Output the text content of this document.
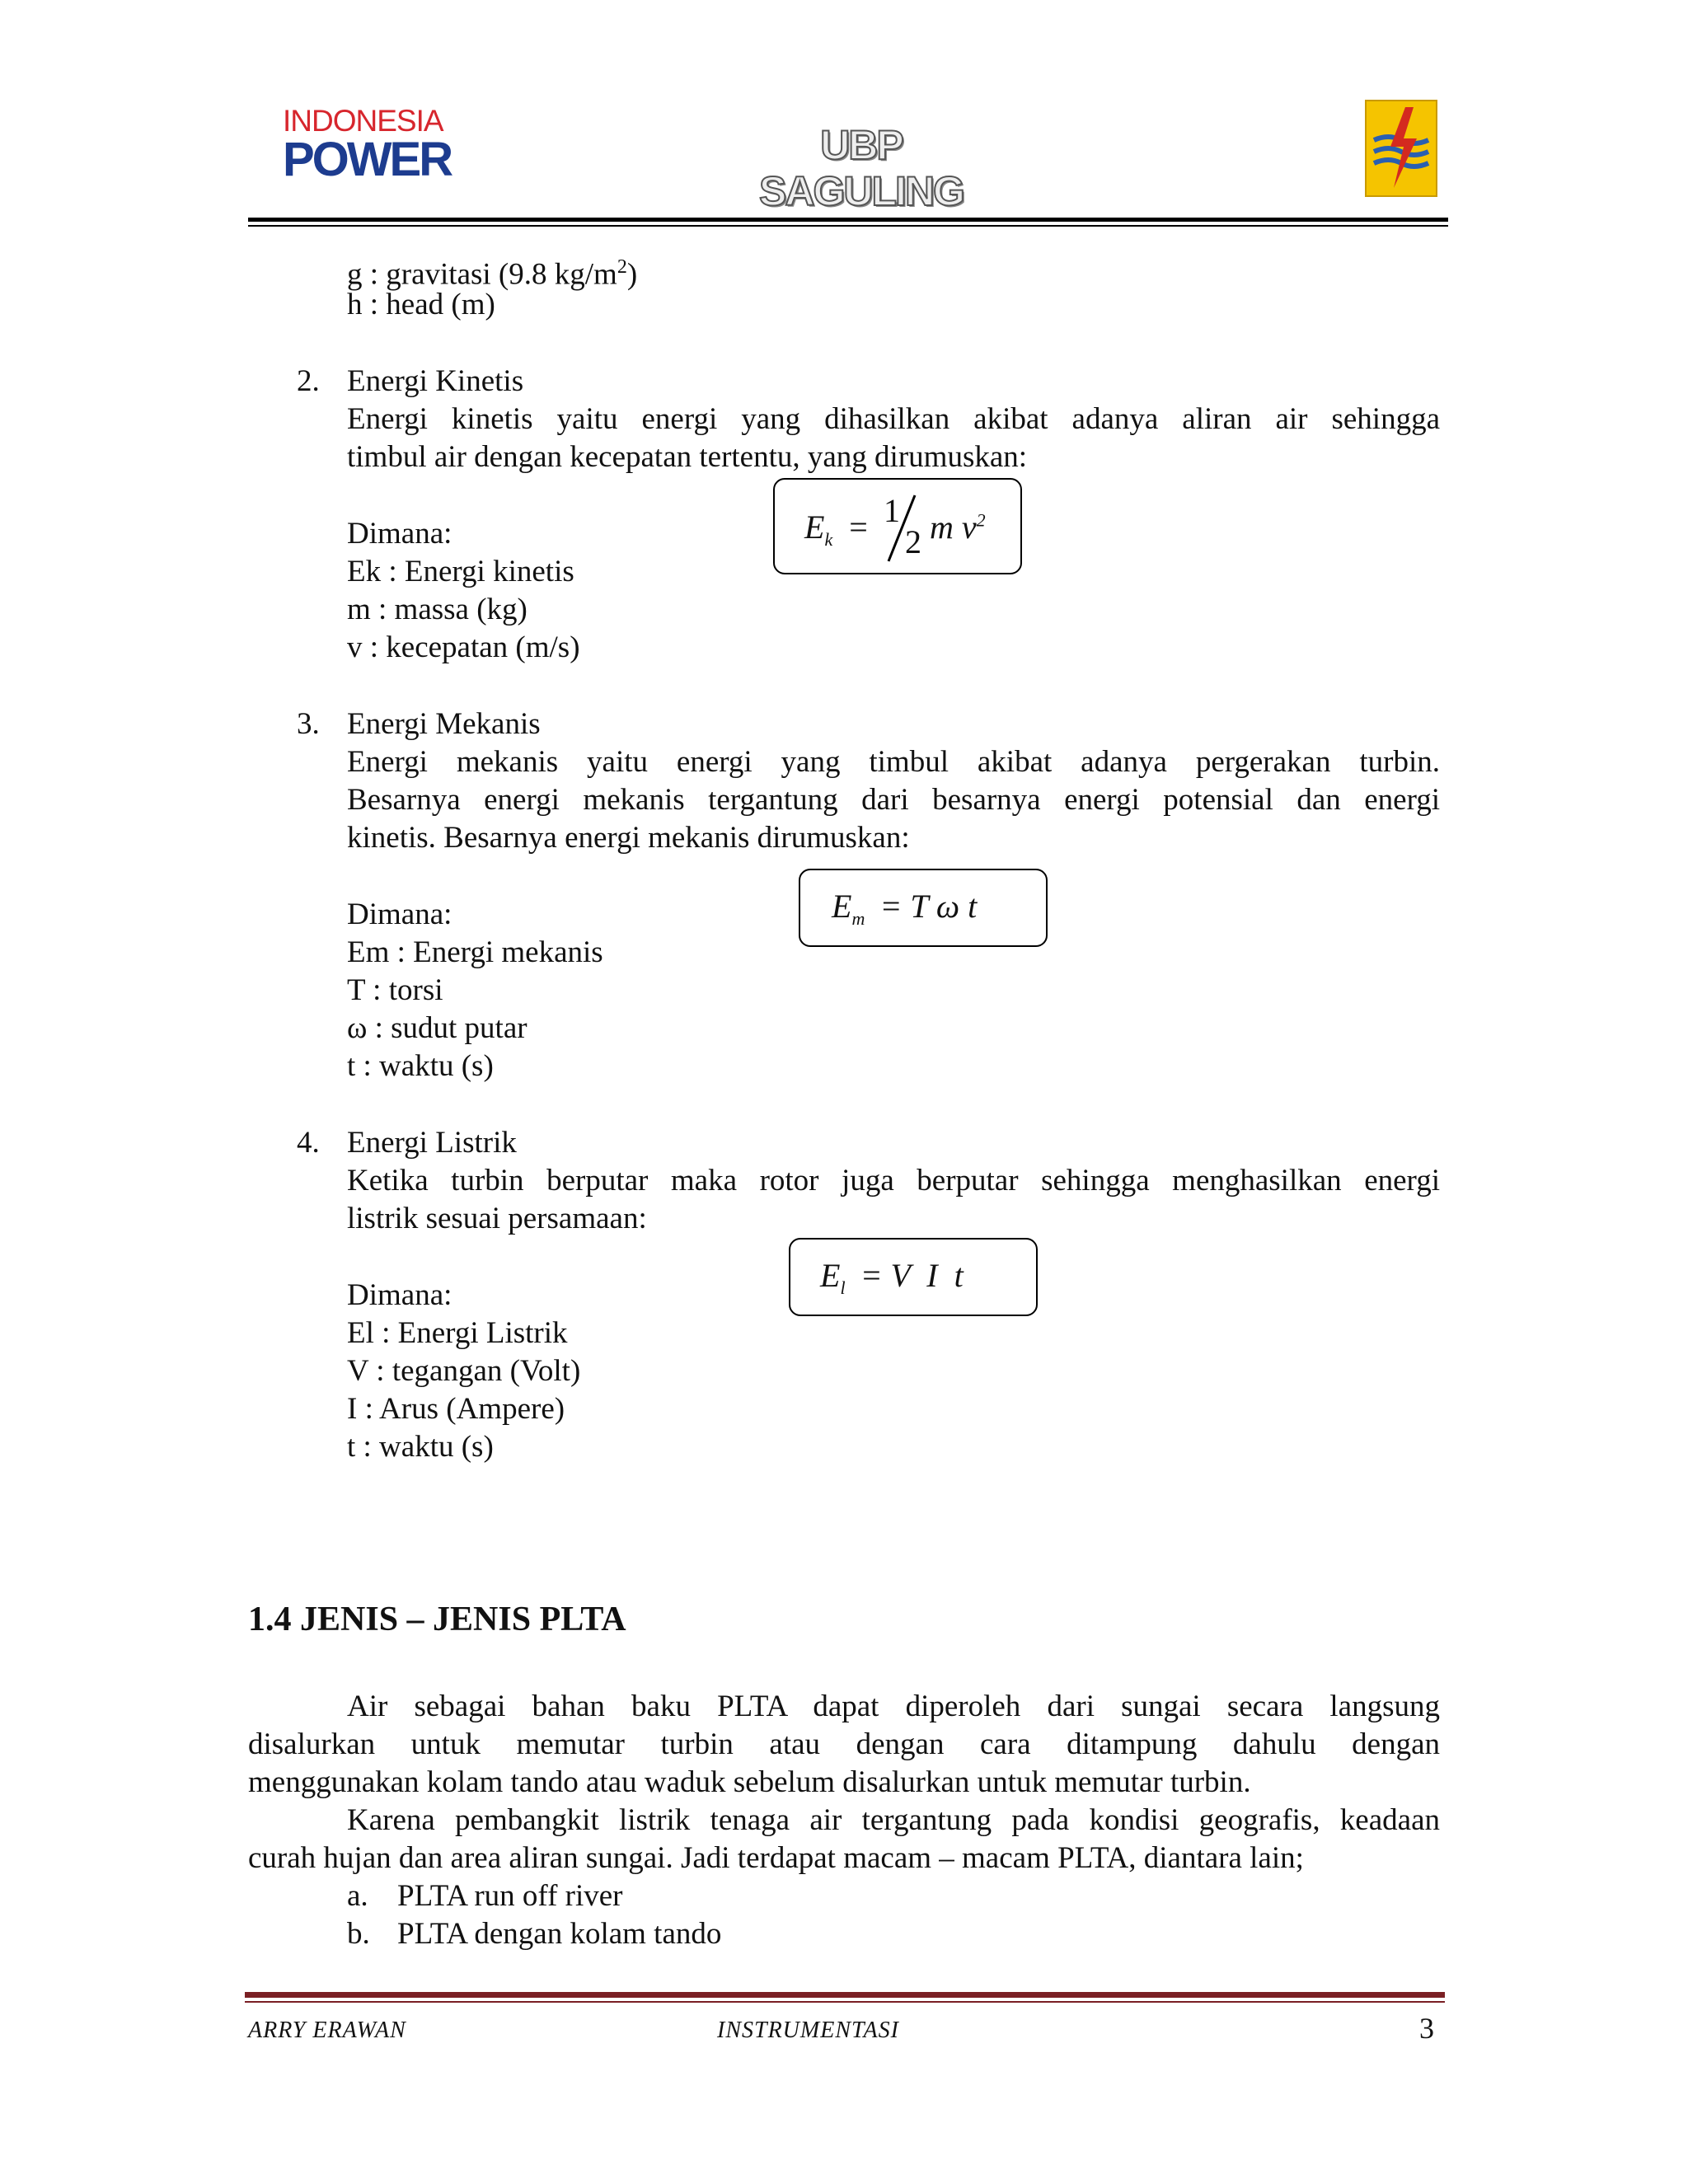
INDONESIA
POWER	UBP SAGULING
g : gravitasi (9.8 $kg/m^2$)
h : head (m)
2. Energi Kinetis
Energi kinetis yaitu energi yang dihasilkan akibat adanya aliran air sehingga
timbul air dengan kecepatan tertentu, yang dirumuskan:
$E_k = 1$
2 m $v^2$
Dimana:
Ek : Energi kinetis
m : massa (kg)
v : kecepatan (m/s)
3. Energi Mekanis
Energi mekanis yaitu energi yang timbul akibat adanya pergerakan turbin.
Besarnya energi mekanis tergantung dari besarnya energi potensial dan energi
kinetis. Besarnya energi mekanis dirumuskan:
$E_m = T$ ω t
Dimana:
Em : Energi mekanis
T : torsi
ω : sudut putar
t : waktu (s)
4. Energi Listrik
Ketika turbin berputar maka rotor juga berputar sehingga menghasilkan energi
listrik sesuai persamaan:
$E_l = V$  I  t
Dimana:
El : Energi Listrik
V : tegangan (Volt)
I : Arus (Ampere)
t : waktu (s)
1.4 JENIS – JENIS PLTA
Air sebagai bahan baku PLTA dapat diperoleh dari sungai secara langsung
disalurkan untuk memutar turbin atau dengan cara ditampung dahulu dengan
menggunakan kolam tando atau waduk sebelum disalurkan untuk memutar turbin.
Karena pembangkit listrik tenaga air tergantung pada kondisi geografis, keadaan
curah hujan dan area aliran sungai. Jadi terdapat macam – macam PLTA, diantara lain;
a. PLTA run off river
b. PLTA dengan kolam tando
ARRY ERAWAN	INSTRUMENTASI	3
